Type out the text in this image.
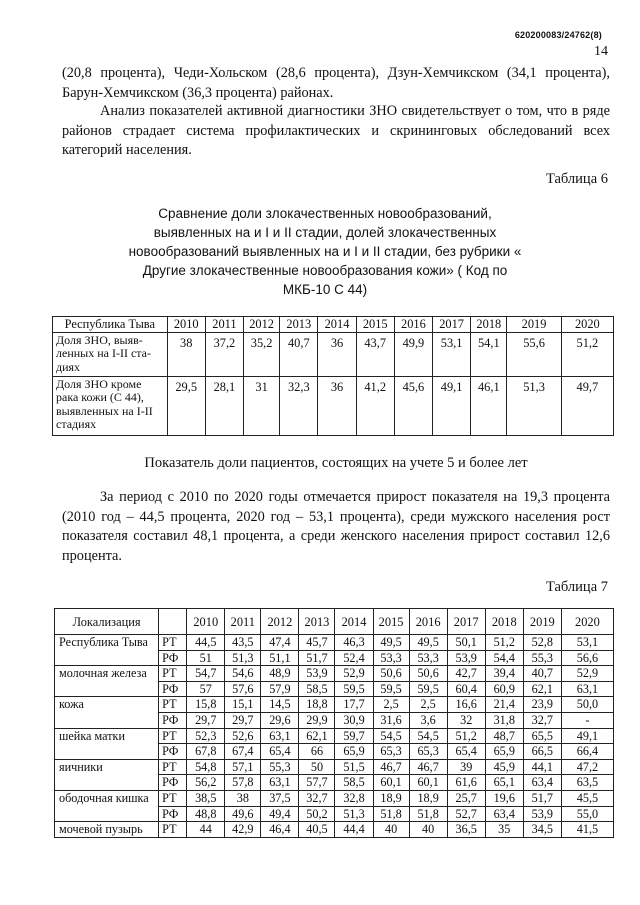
620200083/24762(8)
14

(20,8 процента), Чеди-Хольском (28,6 процента), Дзун-Хемчикском (34,1 процента), Барун-Хемчикском (36,3 процента) районах.

Анализ показателей активной диагностики ЗНО свидетельствует о том, что в ряде районов страдает система профилактических и скрининговых обследований всех категорий населения.

Таблица 6

Сравнение доли злокачественных новообразований, выявленных на и I и II стадии, долей злокачественных новообразований выявленных на и I и II стадии, без рубрики « Другие злокачественные новообразования кожи» ( Код по МКБ-10 С 44)

Республика Тыва	2010	2011	2012	2013	2014	2015	2016	2017	2018	2019	2020
Доля ЗНО, выяв-ленных на I-II ста-диях	38	37,2	35,2	40,7	36	43,7	49,9	53,1	54,1	55,6	51,2
Доля ЗНО кроме рака кожи (С 44), выявленных на I-II стадиях	29,5	28,1	31	32,3	36	41,2	45,6	49,1	46,1	51,3	49,7

Показатель доли пациентов, состоящих на учете 5 и более лет

За период с 2010 по 2020 годы отмечается прирост показателя на 19,3 процента (2010 год – 44,5 процента, 2020 год – 53,1 процента), среди мужского населения рост показателя составил 48,1 процента, а среди женского населения прирост составил 12,6 процента.

Таблица 7

Локализация		2010	2011	2012	2013	2014	2015	2016	2017	2018	2019	2020
Республика Тыва	РТ	44,5	43,5	47,4	45,7	46,3	49,5	49,5	50,1	51,2	52,8	53,1
	РФ	51	51,3	51,1	51,7	52,4	53,3	53,3	53,9	54,4	55,3	56,6
молочная железа	РТ	54,7	54,6	48,9	53,9	52,9	50,6	50,6	42,7	39,4	40,7	52,9
	РФ	57	57,6	57,9	58,5	59,5	59,5	59,5	60,4	60,9	62,1	63,1
кожа	РТ	15,8	15,1	14,5	18,8	17,7	2,5	2,5	16,6	21,4	23,9	50,0
	РФ	29,7	29,7	29,6	29,9	30,9	31,6	3,6	32	31,8	32,7	-
шейка матки	РТ	52,3	52,6	63,1	62,1	59,7	54,5	54,5	51,2	48,7	65,5	49,1
	РФ	67,8	67,4	65,4	66	65,9	65,3	65,3	65,4	65,9	66,5	66,4
яичники	РТ	54,8	57,1	55,3	50	51,5	46,7	46,7	39	45,9	44,1	47,2
	РФ	56,2	57,8	63,1	57,7	58,5	60,1	60,1	61,6	65,1	63,4	63,5
ободочная кишка	РТ	38,5	38	37,5	32,7	32,8	18,9	18,9	25,7	19,6	51,7	45,5
	РФ	48,8	49,6	49,4	50,2	51,3	51,8	51,8	52,7	63,4	53,9	55,0
мочевой пузырь	РТ	44	42,9	46,4	40,5	44,4	40	40	36,5	35	34,5	41,5
